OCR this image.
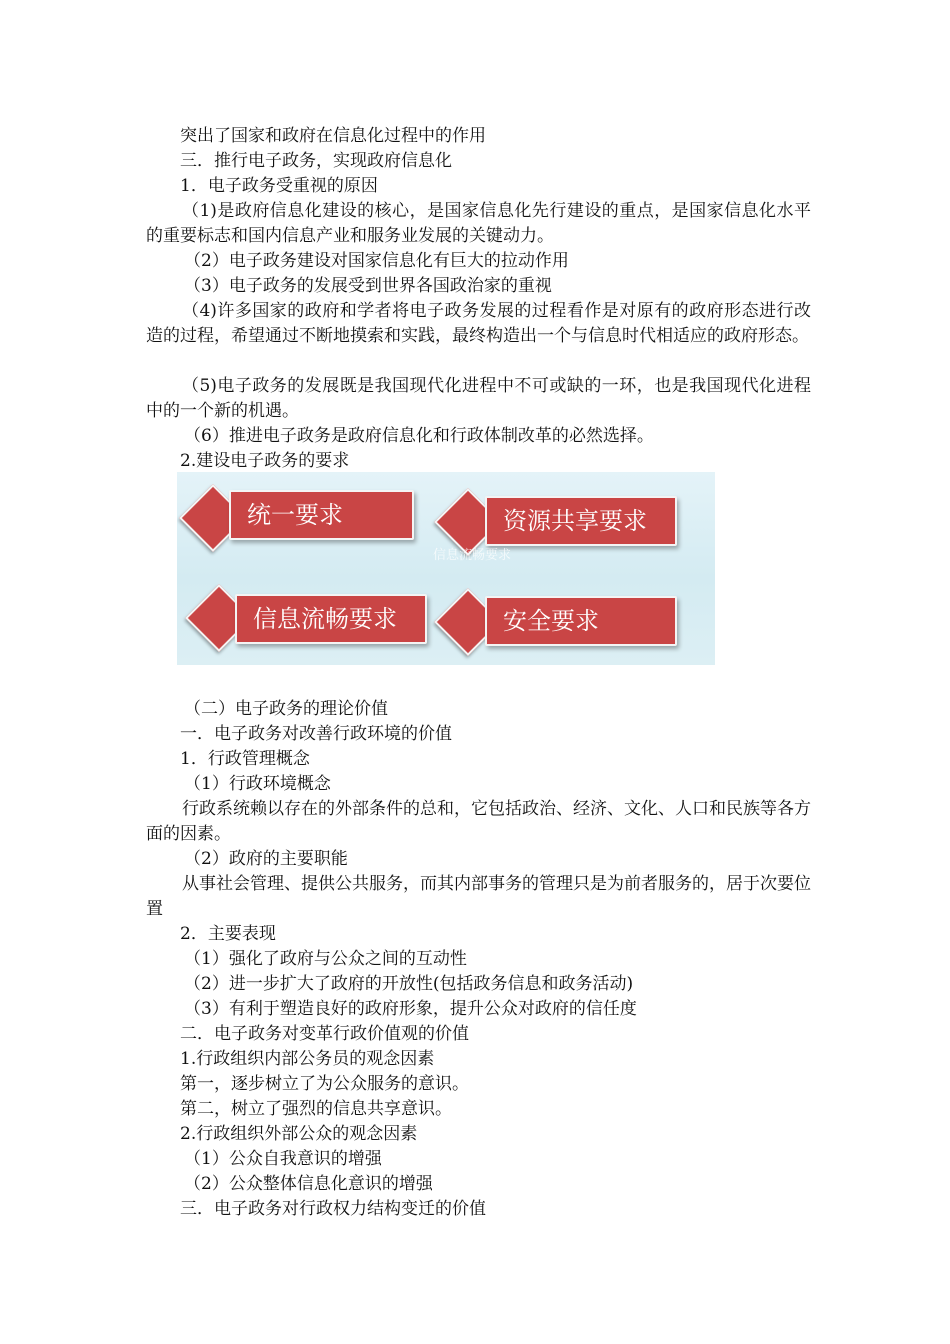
突出了国家和政府在信息化过程中的作用
三．推行电子政务，实现政府信息化
1．电子政务受重视的原因
（1)是政府信息化建设的核心，是国家信息化先行建设的重点，是国家信息化水平的重要标志和国内信息产业和服务业发展的关键动力。
（2）电子政务建设对国家信息化有巨大的拉动作用
（3）电子政务的发展受到世界各国政治家的重视
（4)许多国家的政府和学者将电子政务发展的过程看作是对原有的政府形态进行改造的过程，希望通过不断地摸索和实践，最终构造出一个与信息时代相适应的政府形态。
（5)电子政务的发展既是我国现代化进程中不可或缺的一环，也是我国现代化进程中的一个新的机遇。
（6）推进电子政务是政府信息化和行政体制改革的必然选择。
2.建设电子政务的要求
统一要求	资源共享要求
信息流畅要求
信息流畅要求	安全要求
（二）电子政务的理论价值
一．电子政务对改善行政环境的价值
1．行政管理概念
（1）行政环境概念
行政系统赖以存在的外部条件的总和，它包括政治、经济、文化、人口和民族等各方面的因素。
（2）政府的主要职能
从事社会管理、提供公共服务，而其内部事务的管理只是为前者服务的，居于次要位置
2．主要表现
（1）强化了政府与公众之间的互动性
（2）进一步扩大了政府的开放性(包括政务信息和政务活动)
（3）有利于塑造良好的政府形象，提升公众对政府的信任度
二．电子政务对变革行政价值观的价值
1.行政组织内部公务员的观念因素
第一，逐步树立了为公众服务的意识。
第二，树立了强烈的信息共享意识。
2.行政组织外部公众的观念因素
（1）公众自我意识的增强
（2）公众整体信息化意识的增强
三．电子政务对行政权力结构变迁的价值
